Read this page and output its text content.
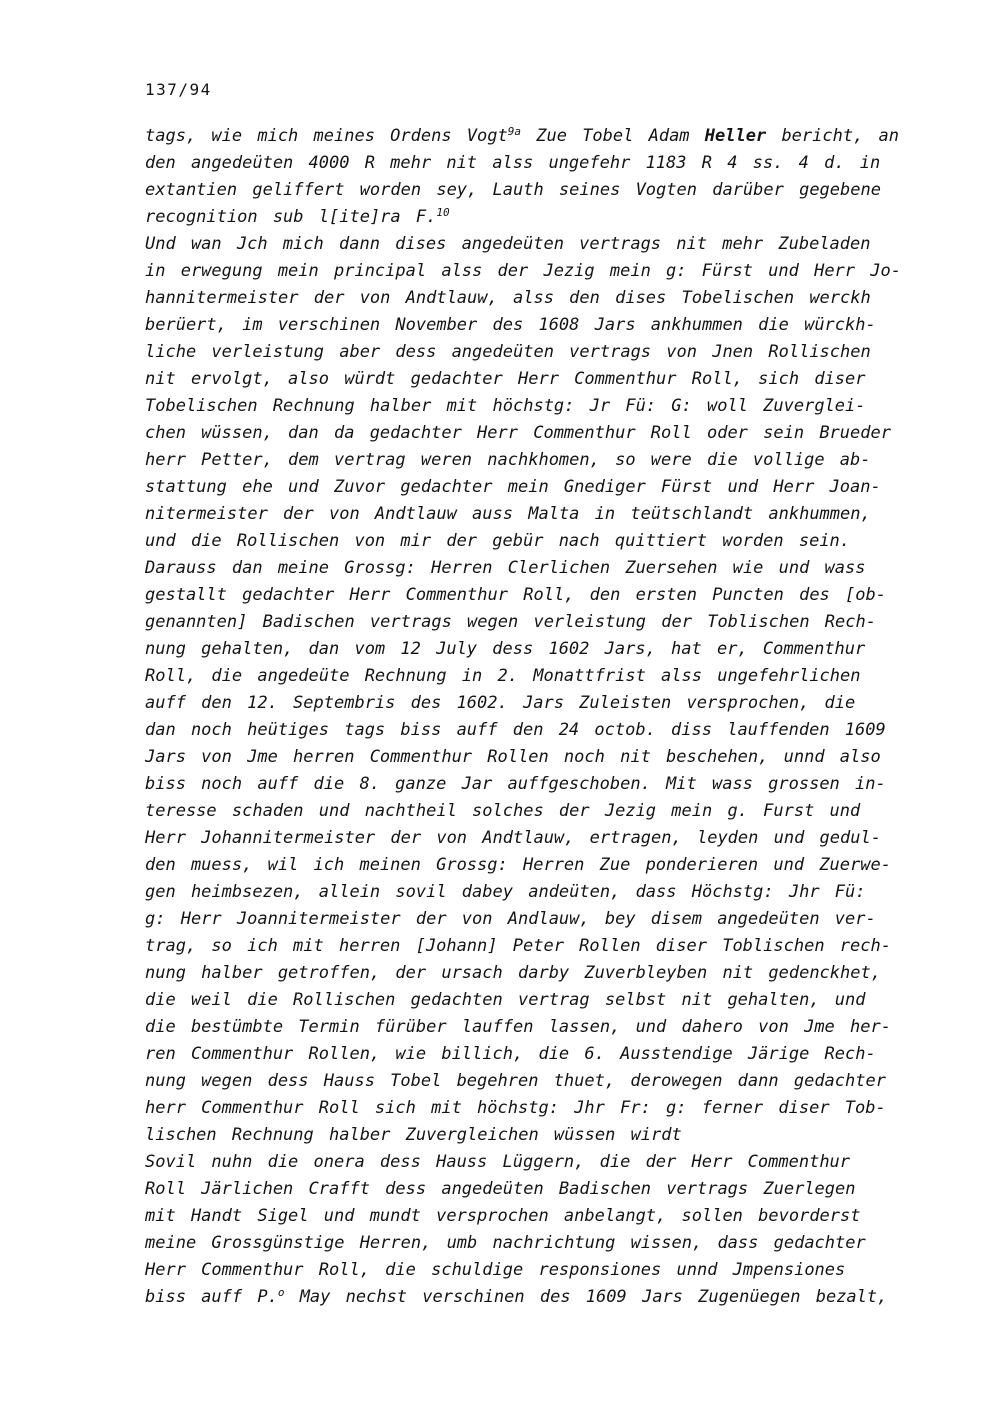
137/94
tags, wie mich meines Ordens Vogt$^{9a}$ Zue Tobel Adam Heller bericht, an
den angedeüten 4000 R mehr nit alss ungefehr 1183 R 4 ss. 4 d. in
extantien geliffert worden sey, Lauth seines Vogten darüber gegebene
recognition sub l[ite]ra F.$^{10}$
Und wan Jch mich dann dises angedeüten vertrags nit mehr Zubeladen
in erwegung mein principal alss der Jezig mein g: Fürst und Herr Jo-
hannitermeister der von Andtlauw, alss den dises Tobelischen werckh
berüert, im verschinen November des 1608 Jars ankhummen die würckh-
liche verleistung aber dess angedeüten vertrags von Jnen Rollischen
nit ervolgt, also würdt gedachter Herr Commenthur Roll, sich diser
Tobelischen Rechnung halber mit höchstg: Jr Fü: G: woll Zuverglei-
chen wüssen, dan da gedachter Herr Commenthur Roll oder sein Brueder
herr Petter, dem vertrag weren nachkhomen, so were die vollige ab-
stattung ehe und Zuvor gedachter mein Gnediger Fürst und Herr Joan-
nitermeister der von Andtlauw auss Malta in teütschlandt ankhummen,
und die Rollischen von mir der gebür nach quittiert worden sein.
Darauss dan meine Grossg: Herren Clerlichen Zuersehen wie und wass
gestallt gedachter Herr Commenthur Roll, den ersten Puncten des [ob-
genannten] Badischen vertrags wegen verleistung der Toblischen Rech-
nung gehalten, dan vom 12 July dess 1602 Jars, hat er, Commenthur
Roll, die angedeüte Rechnung in 2. Monattfrist alss ungefehrlichen
auff den 12. Septembris des 1602. Jars Zuleisten versprochen, die
dan noch heütiges tags biss auff den 24 octob. diss lauffenden 1609
Jars von Jme herren Commenthur Rollen noch nit beschehen, unnd also
biss noch auff die 8. ganze Jar auffgeschoben. Mit wass grossen in-
teresse schaden und nachtheil solches der Jezig mein g. Furst und
Herr Johannitermeister der von Andtlauw, ertragen, leyden und gedul-
den muess, wil ich meinen Grossg: Herren Zue ponderieren und Zuerwe-
gen heimbsezen, allein sovil dabey andeüten, dass Höchstg: Jhr Fü:
g: Herr Joannitermeister der von Andlauw, bey disem angedeüten ver-
trag, so ich mit herren [Johann] Peter Rollen diser Toblischen rech-
nung halber getroffen, der ursach darby Zuverbleyben nit gedenckhet,
die weil die Rollischen gedachten vertrag selbst nit gehalten, und
die bestümbte Termin fürüber lauffen lassen, und dahero von Jme her-
ren Commenthur Rollen, wie billich, die 6. Ausstendige Järige Rech-
nung wegen dess Hauss Tobel begehren thuet, derowegen dann gedachter
herr Commenthur Roll sich mit höchstg: Jhr Fr: g: ferner diser Tob-
lischen Rechnung halber Zuvergleichen wüssen wirdt
Sovil nuhn die onera dess Hauss Lüggern, die der Herr Commenthur
Roll Järlichen Crafft dess angedeüten Badischen vertrags Zuerlegen
mit Handt Sigel und mundt versprochen anbelangt, sollen bevorderst
meine Grossgünstige Herren, umb nachrichtung wissen, dass gedachter
Herr Commenthur Roll, die schuldige responsiones unnd Jmpensiones
biss auff P.$^o$ May nechst verschinen des 1609 Jars Zugenüegen bezalt,
